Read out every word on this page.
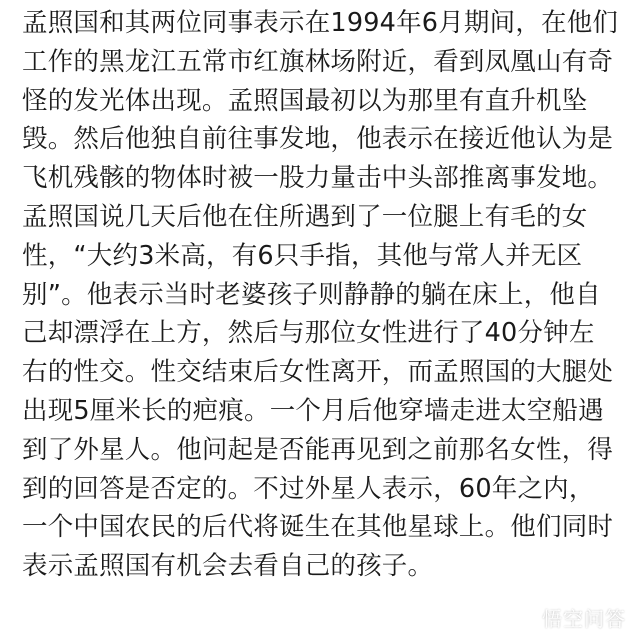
孟照国和其两位同事表示在1994年6月期间，在他们
工作的黑龙江五常市红旗林场附近，看到凤凰山有奇
怪的发光体出现。孟照国最初以为那里有直升机坠
毁。然后他独自前往事发地，他表示在接近他认为是
飞机残骸的物体时被一股力量击中头部推离事发地。
孟照国说几天后他在住所遇到了一位腿上有毛的女
性，“大约3米高，有6只手指，其他与常人并无区
别”。他表示当时老婆孩子则静静的躺在床上，他自
己却漂浮在上方，然后与那位女性进行了40分钟左
右的性交。性交结束后女性离开，而孟照国的大腿处
出现5厘米长的疤痕。一个月后他穿墙走进太空船遇
到了外星人。他问起是否能再见到之前那名女性，得
到的回答是否定的。不过外星人表示，60年之内，
一个中国农民的后代将诞生在其他星球上。他们同时
表示孟照国有机会去看自己的孩子。
悟空问答
